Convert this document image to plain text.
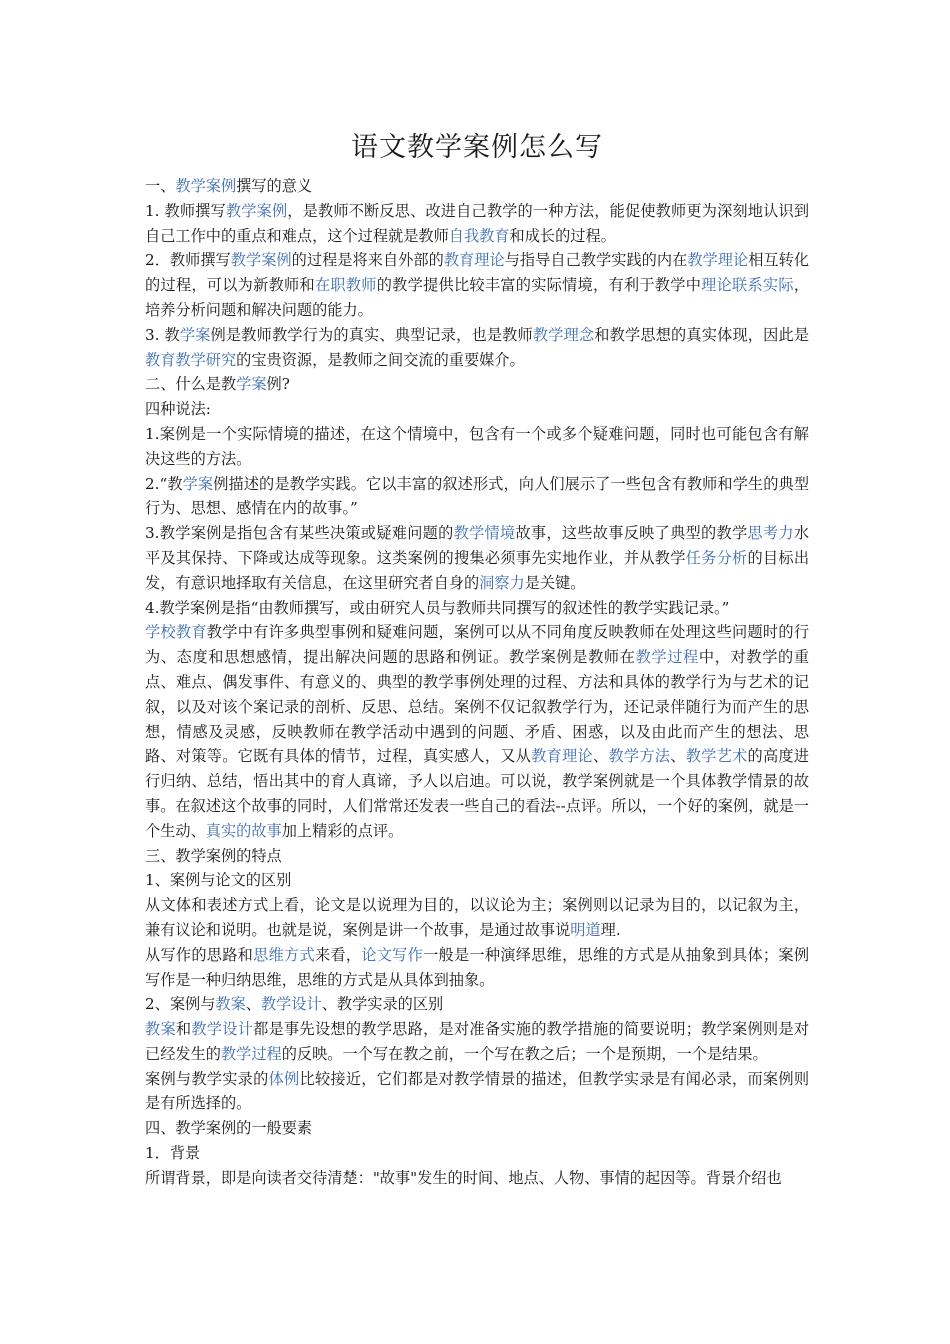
语文教学案例怎么写

一、教学案例撰写的意义

1. 教师撰写教学案例，是教师不断反思、改进自己教学的一种方法，能促使教师更为深刻地认识到自己工作中的重点和难点，这个过程就是教师自我教育和成长的过程。

2．教师撰写教学案例的过程是将来自外部的教育理论与指导自己教学实践的内在教学理论相互转化的过程，可以为新教师和在职教师的教学提供比较丰富的实际情境，有利于教学中理论联系实际，培养分析问题和解决问题的能力。

3. 教学案例是教师教学行为的真实、典型记录，也是教师教学理念和教学思想的真实体现，因此是教育教学研究的宝贵资源，是教师之间交流的重要媒介。

二、什么是教学案例?

四种说法:

1.案例是一个实际情境的描述，在这个情境中，包含有一个或多个疑难问题，同时也可能包含有解决这些的方法。

2.“教学案例描述的是教学实践。它以丰富的叙述形式，向人们展示了一些包含有教师和学生的典型行为、思想、感情在内的故事。”

3.教学案例是指包含有某些决策或疑难问题的教学情境故事，这些故事反映了典型的教学思考力水平及其保持、下降或达成等现象。这类案例的搜集必须事先实地作业，并从教学任务分析的目标出发，有意识地择取有关信息，在这里研究者自身的洞察力是关键。

4.教学案例是指“由教师撰写，或由研究人员与教师共同撰写的叙述性的教学实践记录。”

学校教育教学中有许多典型事例和疑难问题，案例可以从不同角度反映教师在处理这些问题时的行为、态度和思想感情，提出解决问题的思路和例证。教学案例是教师在教学过程中，对教学的重点、难点、偶发事件、有意义的、典型的教学事例处理的过程、方法和具体的教学行为与艺术的记叙，以及对该个案记录的剖析、反思、总结。案例不仅记叙教学行为，还记录伴随行为而产生的思想，情感及灵感，反映教师在教学活动中遇到的问题、矛盾、困惑，以及由此而产生的想法、思路、对策等。它既有具体的情节，过程，真实感人，又从教育理论、教学方法、教学艺术的高度进行归纳、总结，悟出其中的育人真谛，予人以启迪。可以说，教学案例就是一个具体教学情景的故事。在叙述这个故事的同时，人们常常还发表一些自己的看法--点评。所以，一个好的案例，就是一个生动、真实的故事加上精彩的点评。

三、教学案例的特点

1、案例与论文的区别

从文体和表述方式上看，论文是以说理为目的，以议论为主；案例则以记录为目的，以记叙为主，兼有议论和说明。也就是说，案例是讲一个故事，是通过故事说明道理.

从写作的思路和思维方式来看，论文写作一般是一种演绎思维，思维的方式是从抽象到具体；案例写作是一种归纳思维，思维的方式是从具体到抽象。

2、案例与教案、教学设计、教学实录的区别

教案和教学设计都是事先设想的教学思路，是对准备实施的教学措施的简要说明；教学案例则是对已经发生的教学过程的反映。一个写在教之前，一个写在教之后；一个是预期，一个是结果。

案例与教学实录的体例比较接近，它们都是对教学情景的描述，但教学实录是有闻必录，而案例则是有所选择的。

四、教学案例的一般要素

1．背景

所谓背景，即是向读者交待清楚："故事"发生的时间、地点、人物、事情的起因等。背景介绍也
